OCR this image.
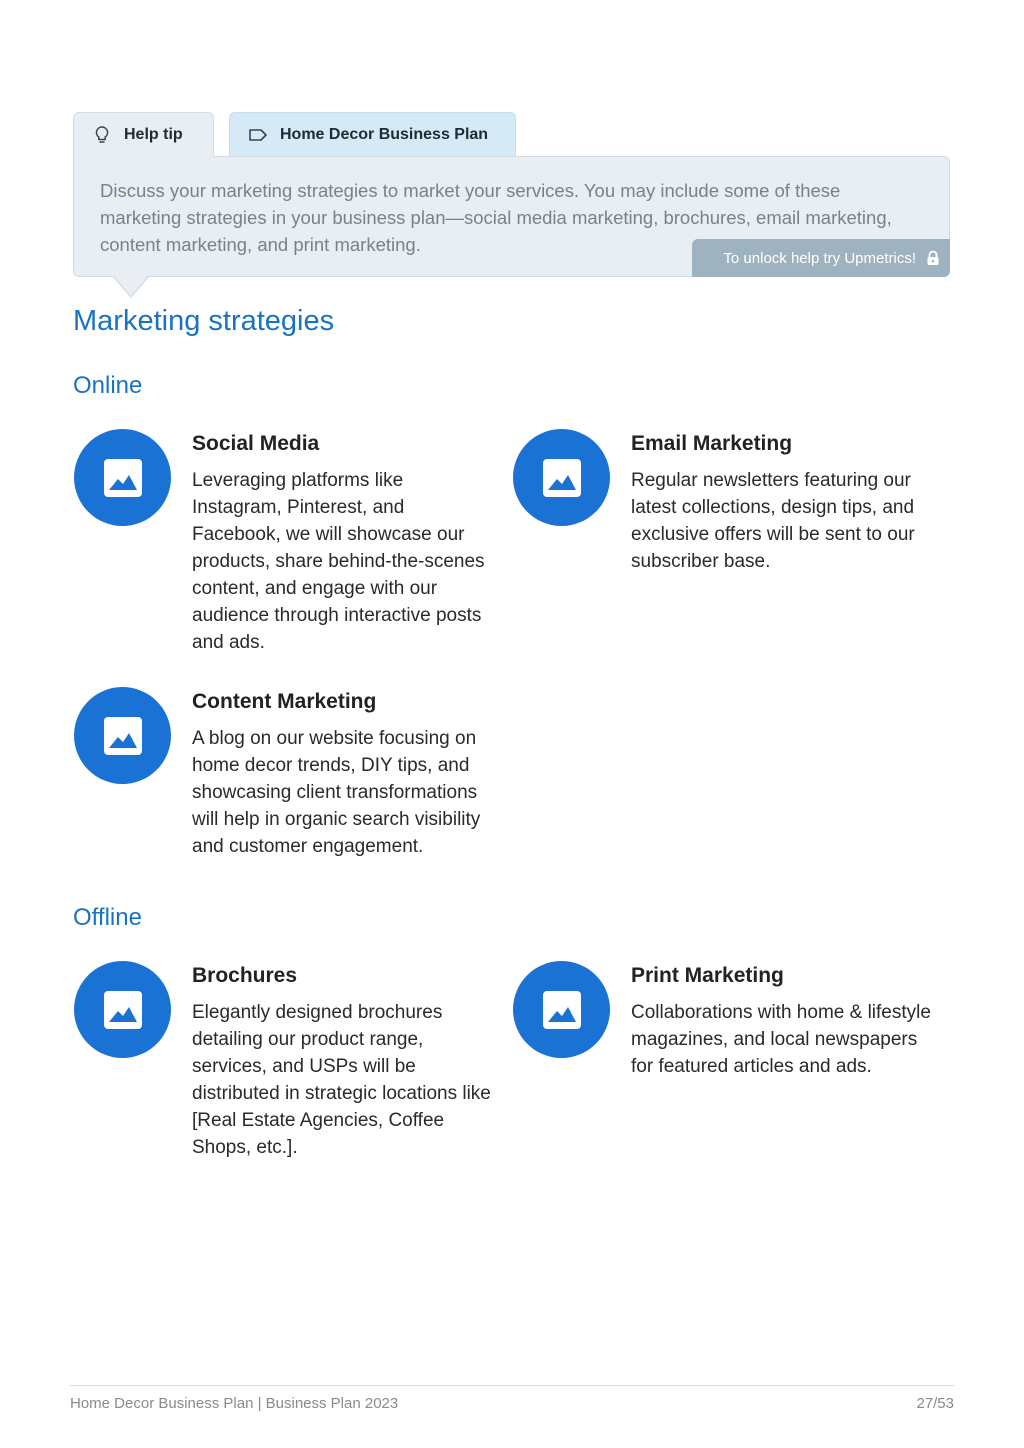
Help tip	Home Decor Business Plan

Discuss your marketing strategies to market your services. You may include some of these marketing strategies in your business plan—social media marketing, brochures, email marketing, content marketing, and print marketing.

To unlock help try Upmetrics!
Marketing strategies
Online
Social Media

Leveraging platforms like Instagram, Pinterest, and Facebook, we will showcase our products, share behind-the-scenes content, and engage with our audience through interactive posts and ads.

Email Marketing

Regular newsletters featuring our latest collections, design tips, and exclusive offers will be sent to our subscriber base.

Content Marketing

A blog on our website focusing on home decor trends, DIY tips, and showcasing client transformations will help in organic search visibility and customer engagement.

Offline
Brochures

Elegantly designed brochures detailing our product range, services, and USPs will be distributed in strategic locations like [Real Estate Agencies, Coffee Shops, etc.].

Print Marketing

Collaborations with home & lifestyle magazines, and local newspapers for featured articles and ads.

Home Decor Business Plan | Business Plan 2023	27/53
